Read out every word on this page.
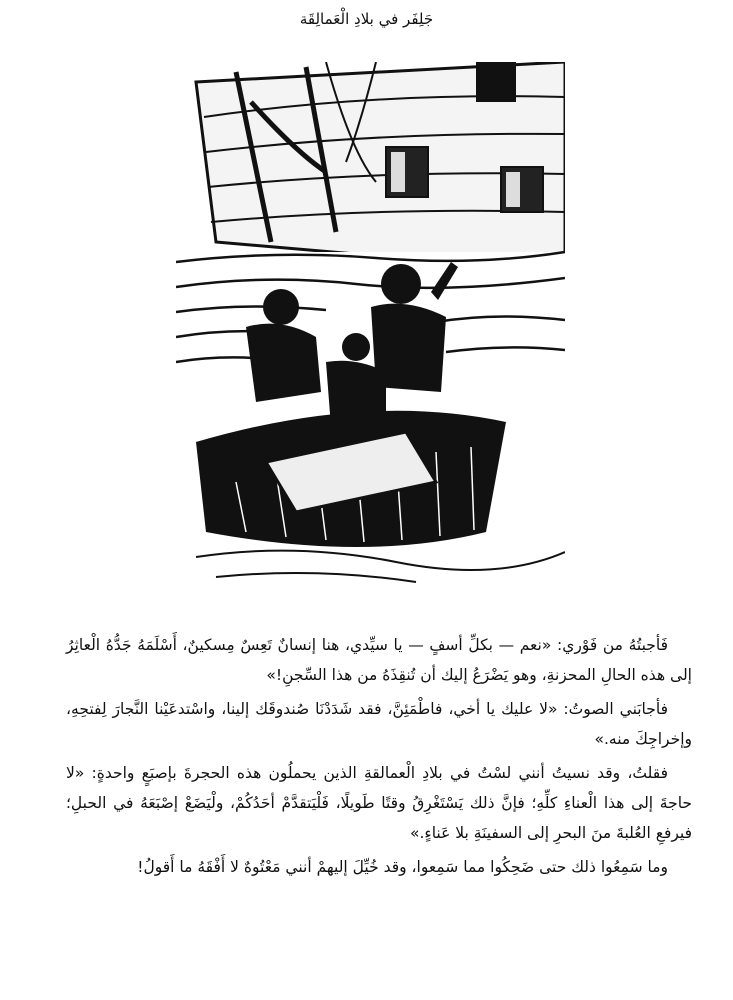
جَلِفَر في بلادِ الْعَمالِقَة

فَأجبتُهُ من فَوْري: «نعم — بكلِّ أسفٍ — يا سيِّدي، هنا إنسانٌ تَعِسٌ مِسكينٌ، أَسْلَمَهُ جَدُّهُ الْعاثِرُ إلى هذه الحالِ المحزنةِ، وهو يَضْرَعُ إليك أن تُنقِذَهُ من هذا السِّجنِ!»

فأجابَني الصوتُ: «لا عليك يا أخي، فاطْمَئِنَّ، فقد شَدَدْنَا صُندوقَك إلينا، واسْتدعَيْنا النَّجارَ لِفتحِهِ، وإخراجِكَ منه.»

فقلتُ، وقد نسيتُ أنني لسْتُ في بلادِ الْعمالقةِ الذين يحملُون هذه الحجرةَ بإصبَعٍ واحدةٍ: «لا حاجةَ إلى هذا الْعناءِ كلِّهِ؛ فإنَّ ذلك يَسْتَغْرِقُ وقتًا طَويلًا، فَلْيَتقدَّمْ أحَدُكُمْ، ولْيَضَعْ إصْبَعَهُ في الحبلِ؛ فيرفعِ العُلبةَ منَ البحرِ إلى السفينَةِ بلا عَناءٍ.»

وما سَمِعُوا ذلك حتى ضَحِكُوا مما سَمِعوا، وقد خُيِّلَ إليهمْ أنني مَعْتُوهٌ لا أَفْقَهُ ما أَقولُ!
